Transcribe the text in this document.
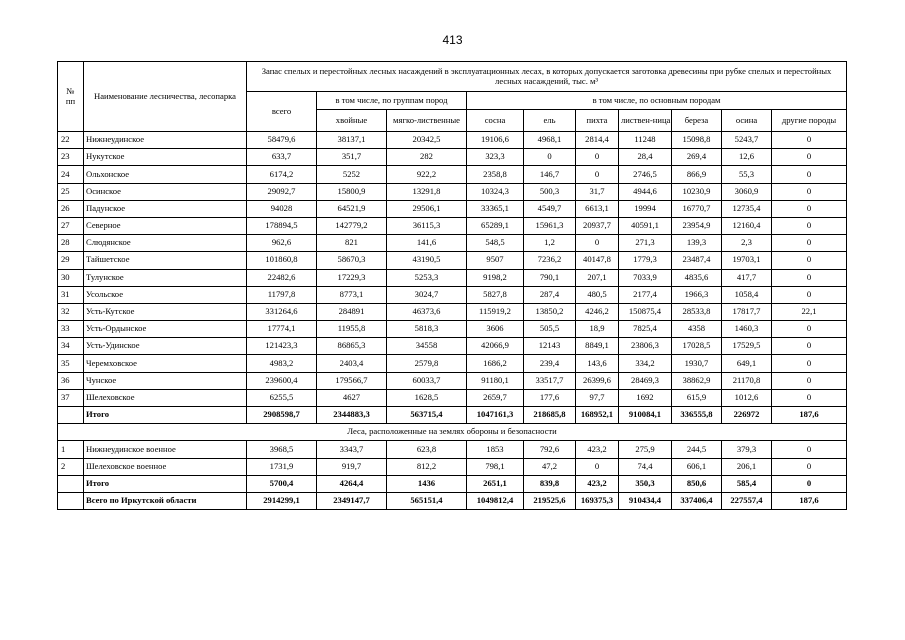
413
№
пп	Наименование лесничества, лесопарка	Запас спелых и перестойных лесных насаждений в эксплуатационных лесах, в которых допускается заготовка древесины при рубке спелых и перестойных лесных насаждений, тыс. м³									
		всего	в том числе, по группам пород		в том числе, по основным породам						
			хвойные	мягко-лиственные	сосна	ель	пихта	листвен-ница	береза	осина	другие породы
22	Нижнеудинское	58479,6	38137,1	20342,5	19106,6	4968,1	2814,4	11248	15098,8	5243,7	0
23	Нукутское	633,7	351,7	282	323,3	0	0	28,4	269,4	12,6	0
24	Ольхонское	6174,2	5252	922,2	2358,8	146,7	0	2746,5	866,9	55,3	0
25	Осинское	29092,7	15800,9	13291,8	10324,3	500,3	31,7	4944,6	10230,9	3060,9	0
26	Падунское	94028	64521,9	29506,1	33365,1	4549,7	6613,1	19994	16770,7	12735,4	0
27	Северное	178894,5	142779,2	36115,3	65289,1	15961,3	20937,7	40591,1	23954,9	12160,4	0
28	Слюдянское	962,6	821	141,6	548,5	1,2	0	271,3	139,3	2,3	0
29	Тайшетское	101860,8	58670,3	43190,5	9507	7236,2	40147,8	1779,3	23487,4	19703,1	0
30	Тулунское	22482,6	17229,3	5253,3	9198,2	790,1	207,1	7033,9	4835,6	417,7	0
31	Усольское	11797,8	8773,1	3024,7	5827,8	287,4	480,5	2177,4	1966,3	1058,4	0
32	Усть-Кутское	331264,6	284891	46373,6	115919,2	13850,2	4246,2	150875,4	28533,8	17817,7	22,1
33	Усть-Ордынское	17774,1	11955,8	5818,3	3606	505,5	18,9	7825,4	4358	1460,3	0
34	Усть-Удинское	121423,3	86865,3	34558	42066,9	12143	8849,1	23806,3	17028,5	17529,5	0
35	Черемховское	4983,2	2403,4	2579,8	1686,2	239,4	143,6	334,2	1930,7	649,1	0
36	Чунское	239600,4	179566,7	60033,7	91180,1	33517,7	26399,6	28469,3	38862,9	21170,8	0
37	Шелеховское	6255,5	4627	1628,5	2659,7	177,6	97,7	1692	615,9	1012,6	0
	Итого	2908598,7	2344883,3	563715,4	1047161,3	218685,8	168952,1	910084,1	336555,8	226972	187,6
Леса, расположенные на землях обороны и безопасности											
1	Нижнеудинское военное	3968,5	3343,7	623,8	1853	792,6	423,2	275,9	244,5	379,3	0
2	Шелеховское военное	1731,9	919,7	812,2	798,1	47,2	0	74,4	606,1	206,1	0
	Итого	5700,4	4264,4	1436	2651,1	839,8	423,2	350,3	850,6	585,4	0
	Всего по Иркутской области	2914299,1	2349147,7	565151,4	1049812,4	219525,6	169375,3	910434,4	337406,4	227557,4	187,6
